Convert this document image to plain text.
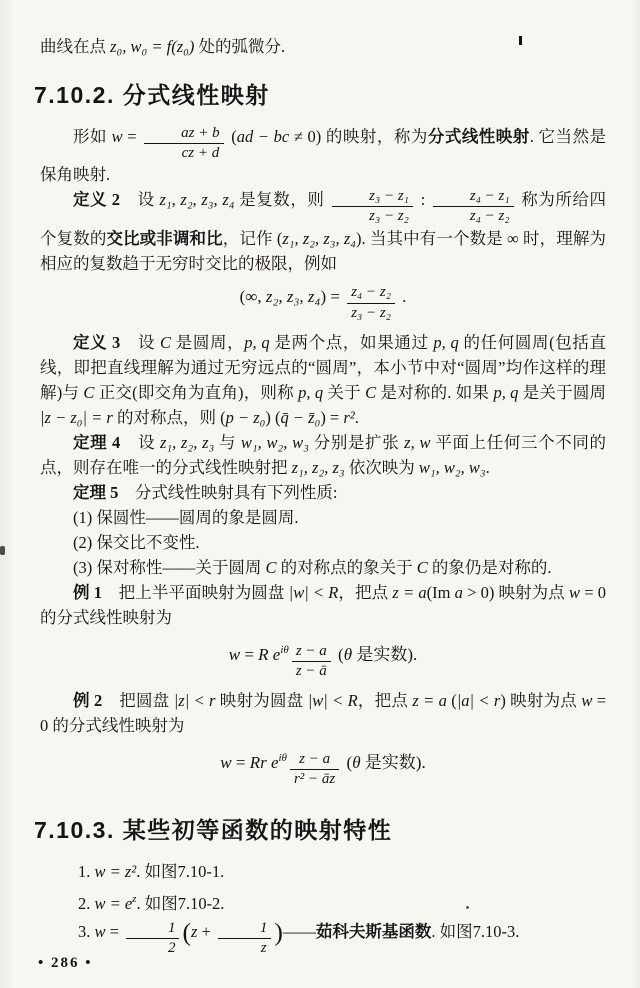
曲线在点 z₀, w₀ = f(z₀) 处的弧微分.

7.10.2. 分式线性映射

形如 $w = \frac{az + b}{cz + d} (ad$ − bc ≠ 0) 的映射，称为分式线性映射. 它当然是保角映射.

定义 2　设 z₁, z₂, z₃, z₄ 是复数，则 $\frac{\text{z₃ − z₁}}{\text{z₃ − z₂}}$ : $\frac{\text{z₄ − z₁}}{\text{z₄ − z₂}}$ 称为所给四个复数的交比或非调和比，记作 (z₁, z₂, z₃, z₄). 当其中有一个数是 ∞ 时，理解为相应的复数趋于无穷时交比的极限，例如

(∞, z₂, z₃, $z_4) = \frac{\text{z₄ − z₂}}{\text{z₃ − z₂}}$ .

定义 3　设 C 是圆周，p, q 是两个点，如果通过 p, q 的任何圆周(包括直线，即把直线理解为通过无穷远点的“圆周”，本小节中对“圆周”均作这样的理解)与 C 正交(即交角为直角)，则称 p, q 关于 C 是对称的. 如果 p, q 是关于圆周 |z − z₀| = r 的对称点，则 (p − z₀) (q̄ − z̄₀) = r².

定理 4　设 z₁, z₂, z₃ 与 w₁, w₂, w₃ 分别是扩张 z, w 平面上任何三个不同的点，则存在唯一的分式线性映射把 z₁, z₂, z₃ 依次映为 w₁, w₂, w₃.

定理 5　分式线性映射具有下列性质:

(1) 保圆性——圆周的象是圆周.

(2) 保交比不变性.

(3) 保对称性——关于圆周 C 的对称点的象关于 C 的象仍是对称的.

例 1　把上半平面映射为圆盘 |w| < R，把点 z = a(Im a > 0) 映射为点 w = 0 的分式线性映射为

w = R $e^{i\theta} \frac{z - a}{z - ā} (\theta$ 是实数).

例 2　把圆盘 |z| < r 映射为圆盘 |w| < R，把点 z = a (|a| < r) 映射为点 w = 0 的分式线性映射为

w = Rr $e^{i\theta} \frac{z - a}{\text{r² − āz}} (\theta$ 是实数).
7.10.3. 某些初等函数的映射特性

1. w = z². 如图7.10-1.

2. $w = e^z$. 如图7.10-2.

3. $w = \frac{1}{2} (z + \frac{1}{z}$ )——茹科夫斯基函数. 如图7.10-3.

• 286 •
